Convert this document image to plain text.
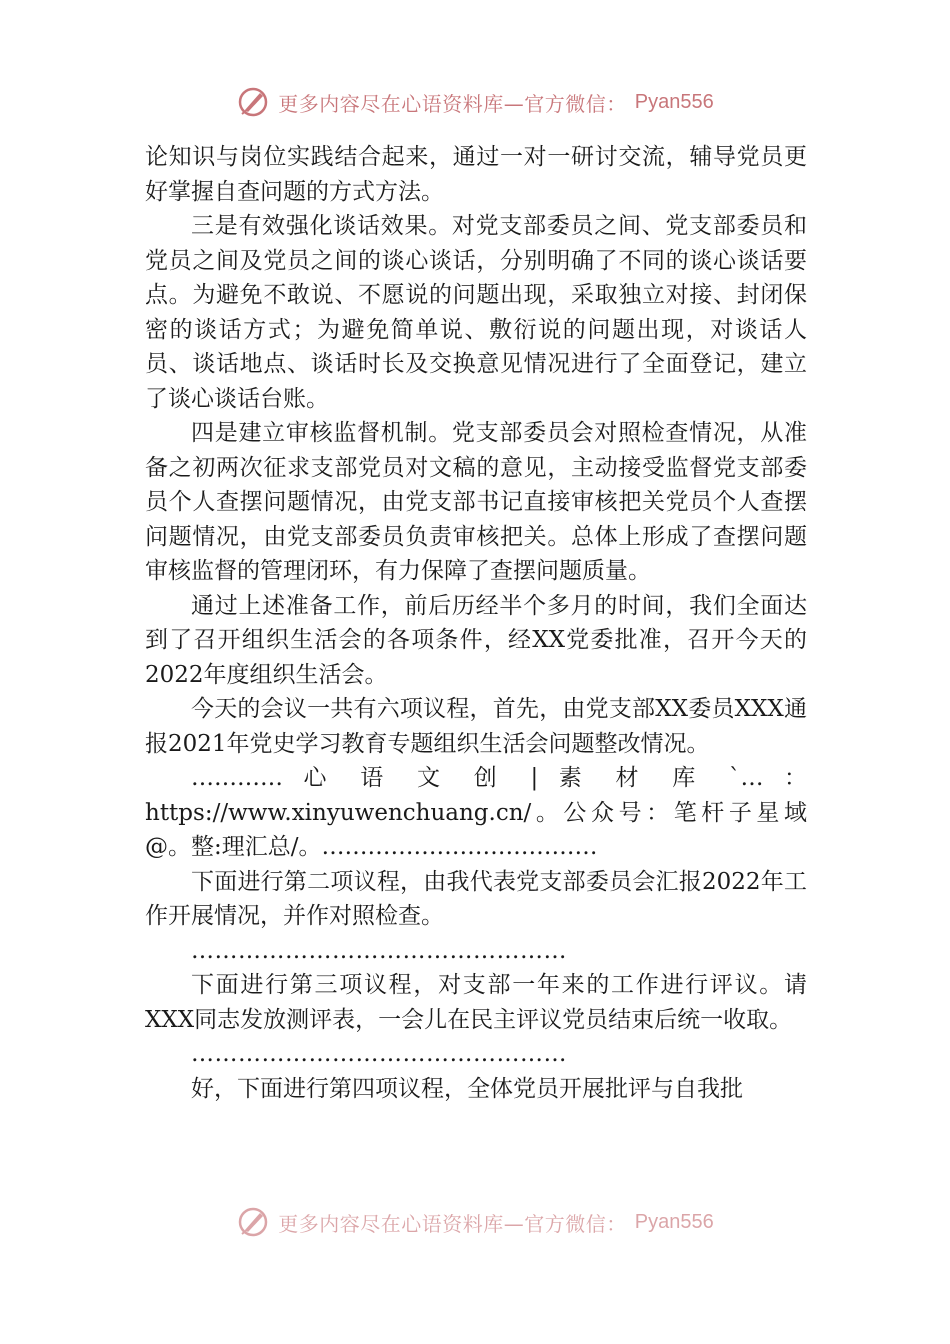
更多内容尽在心语资料库—官方微信： Pyan556

论知识与岗位实践结合起来，通过一对一研讨交流，辅导党员更好掌握自查问题的方式方法。

三是有效强化谈话效果。对党支部委员之间、党支部委员和党员之间及党员之间的谈心谈话，分别明确了不同的谈心谈话要点。为避免不敢说、不愿说的问题出现，采取独立对接、封闭保密的谈话方式；为避免简单说、敷衍说的问题出现，对谈话人员、谈话地点、谈话时长及交换意见情况进行了全面登记，建立了谈心谈话台账。

四是建立审核监督机制。党支部委员会对照检查情况，从准备之初两次征求支部党员对文稿的意见，主动接受监督党支部委员个人查摆问题情况，由党支部书记直接审核把关党员个人查摆问题情况，由党支部委员负责审核把关。总体上形成了查摆问题审核监督的管理闭环，有力保障了查摆问题质量。

通过上述准备工作，前后历经半个多月的时间，我们全面达到了召开组织生活会的各项条件，经XX党委批准，召开今天的2022年度组织生活会。

今天的会议一共有六项议程，首先，由党支部XX委员XXX通报2021年党史学习教育专题组织生活会问题整改情况。

………… 心 语 文 创 | 素 材 库 `… ： https://www.xinyuwenchuang.cn/。公众号：笔杆子星域@。整:理汇总/。………………………………

下面进行第二项议程，由我代表党支部委员会汇报2022年工作开展情况，并作对照检查。

…………………………………………

下面进行第三项议程，对支部一年来的工作进行评议。请XXX同志发放测评表，一会儿在民主评议党员结束后统一收取。

…………………………………………

好，下面进行第四项议程，全体党员开展批评与自我批

更多内容尽在心语资料库—官方微信： Pyan556
